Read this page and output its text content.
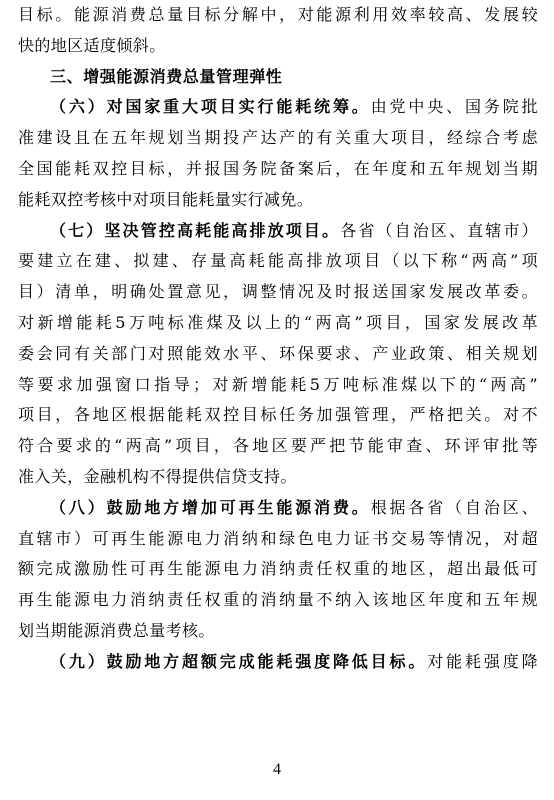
目标。能源消费总量目标分解中，对能源利用效率较高、发展较
快的地区适度倾斜。
三、增强能源消费总量管理弹性
（六）对国家重大项目实行能耗统筹。由党中央、国务院批
准建设且在五年规划当期投产达产的有关重大项目，经综合考虑
全国能耗双控目标，并报国务院备案后，在年度和五年规划当期
能耗双控考核中对项目能耗量实行减免。
（七）坚决管控高耗能高排放项目。各省（自治区、直辖市）
要建立在建、拟建、存量高耗能高排放项目（以下称“两高”项
目）清单，明确处置意见，调整情况及时报送国家发展改革委。
对新增能耗5万吨标准煤及以上的“两高”项目，国家发展改革
委会同有关部门对照能效水平、环保要求、产业政策、相关规划
等要求加强窗口指导；对新增能耗5万吨标准煤以下的“两高”
项目，各地区根据能耗双控目标任务加强管理，严格把关。对不
符合要求的“两高”项目，各地区要严把节能审查、环评审批等
准入关，金融机构不得提供信贷支持。
（八）鼓励地方增加可再生能源消费。根据各省（自治区、
直辖市）可再生能源电力消纳和绿色电力证书交易等情况，对超
额完成激励性可再生能源电力消纳责任权重的地区，超出最低可
再生能源电力消纳责任权重的消纳量不纳入该地区年度和五年规
划当期能源消费总量考核。
（九）鼓励地方超额完成能耗强度降低目标。对能耗强度降
4
